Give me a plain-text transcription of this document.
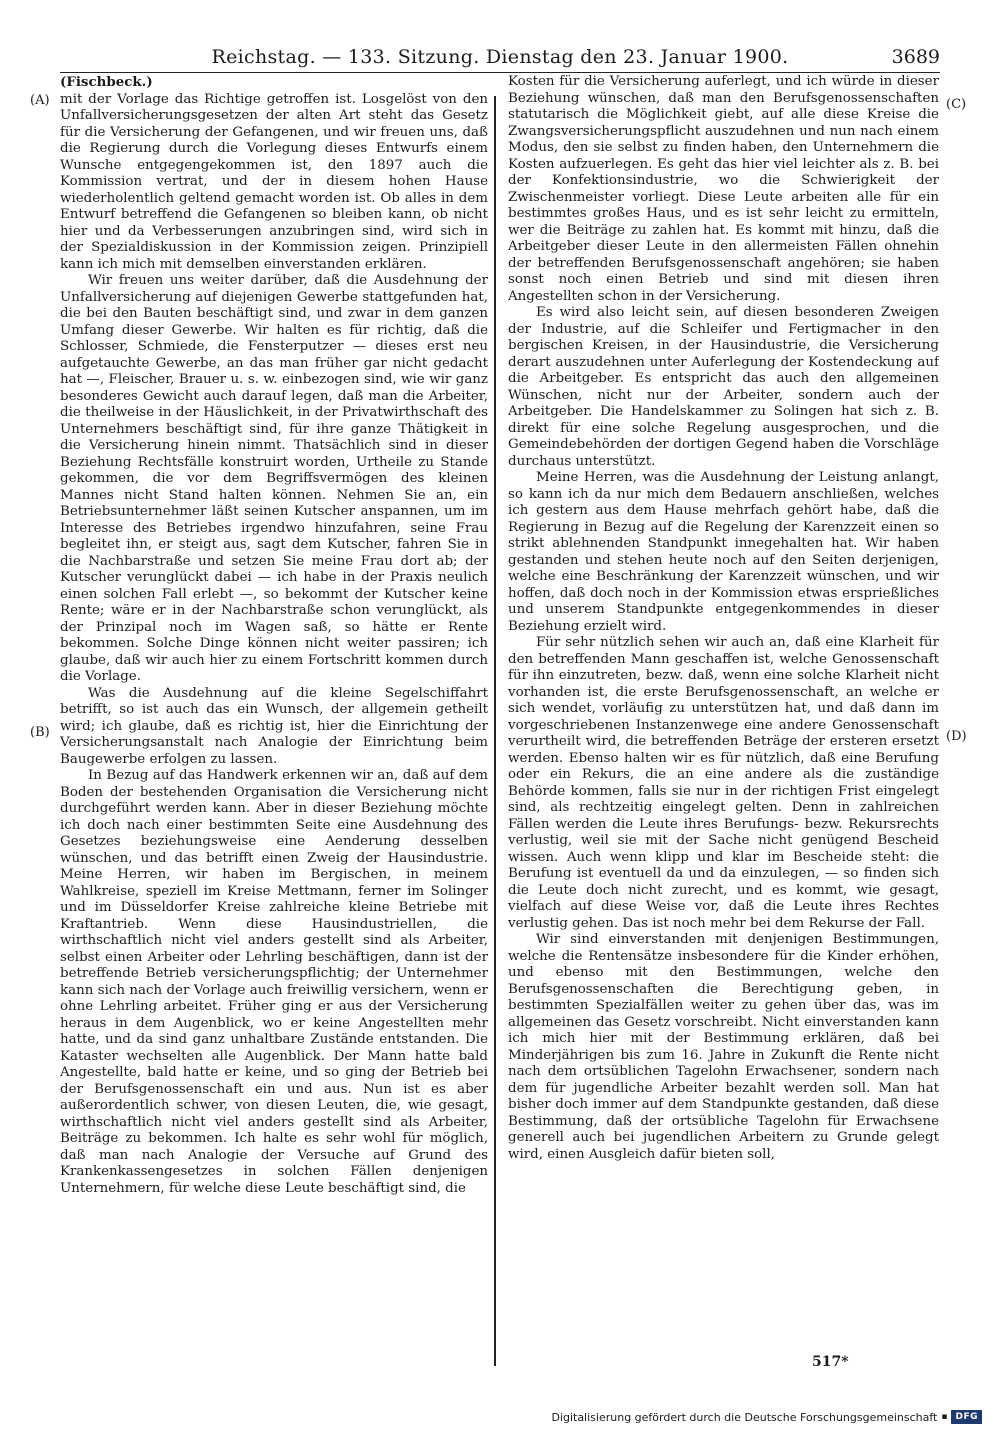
Reichstag. — 133. Sitzung. Dienstag den 23. Januar 1900.	3689
(A)
(B)
(C)
(D)
(Fischbeck.)

mit der Vorlage das Richtige getroffen ist. Losgelöst von den Unfallversicherungsgesetzen der alten Art steht das Gesetz für die Versicherung der Gefangenen, und wir freuen uns, daß die Regierung durch die Vorlegung dieses Entwurfs einem Wunsche entgegengekommen ist, den 1897 auch die Kommission vertrat, und der in diesem hohen Hause wiederholentlich geltend gemacht worden ist. Ob alles in dem Entwurf betreffend die Gefangenen so bleiben kann, ob nicht hier und da Verbesserungen anzubringen sind, wird sich in der Spezialdiskussion in der Kommission zeigen. Prinzipiell kann ich mich mit demselben einverstanden erklären.

Wir freuen uns weiter darüber, daß die Ausdehnung der Unfallversicherung auf diejenigen Gewerbe stattgefunden hat, die bei den Bauten beschäftigt sind, und zwar in dem ganzen Umfang dieser Gewerbe. Wir halten es für richtig, daß die Schlosser, Schmiede, die Fensterputzer — dieses erst neu aufgetauchte Gewerbe, an das man früher gar nicht gedacht hat —, Fleischer, Brauer u. s. w. einbezogen sind, wie wir ganz besonderes Gewicht auch darauf legen, daß man die Arbeiter, die theilweise in der Häuslichkeit, in der Privatwirthschaft des Unternehmers beschäftigt sind, für ihre ganze Thätigkeit in die Versicherung hinein nimmt. Thatsächlich sind in dieser Beziehung Rechtsfälle konstruirt worden, Urtheile zu Stande gekommen, die vor dem Begriffsvermögen des kleinen Mannes nicht Stand halten können. Nehmen Sie an, ein Betriebsunternehmer läßt seinen Kutscher anspannen, um im Interesse des Betriebes irgendwo hinzufahren, seine Frau begleitet ihn, er steigt aus, sagt dem Kutscher, fahren Sie in die Nachbarstraße und setzen Sie meine Frau dort ab; der Kutscher verunglückt dabei — ich habe in der Praxis neulich einen solchen Fall erlebt —, so bekommt der Kutscher keine Rente; wäre er in der Nachbarstraße schon verunglückt, als der Prinzipal noch im Wagen saß, so hätte er Rente bekommen. Solche Dinge können nicht weiter passiren; ich glaube, daß wir auch hier zu einem Fortschritt kommen durch die Vorlage.

Was die Ausdehnung auf die kleine Segelschiffahrt betrifft, so ist auch das ein Wunsch, der allgemein getheilt wird; ich glaube, daß es richtig ist, hier die Einrichtung der Versicherungsanstalt nach Analogie der Einrichtung beim Baugewerbe erfolgen zu lassen.

In Bezug auf das Handwerk erkennen wir an, daß auf dem Boden der bestehenden Organisation die Versicherung nicht durchgeführt werden kann. Aber in dieser Beziehung möchte ich doch nach einer bestimmten Seite eine Ausdehnung des Gesetzes beziehungsweise eine Aenderung desselben wünschen, und das betrifft einen Zweig der Hausindustrie. Meine Herren, wir haben im Bergischen, in meinem Wahlkreise, speziell im Kreise Mettmann, ferner im Solinger und im Düsseldorfer Kreise zahlreiche kleine Betriebe mit Kraftantrieb. Wenn diese Hausindustriellen, die wirthschaftlich nicht viel anders gestellt sind als Arbeiter, selbst einen Arbeiter oder Lehrling beschäftigen, dann ist der betreffende Betrieb versicherungspflichtig; der Unternehmer kann sich nach der Vorlage auch freiwillig versichern, wenn er ohne Lehrling arbeitet. Früher ging er aus der Versicherung heraus in dem Augenblick, wo er keine Angestellten mehr hatte, und da sind ganz unhaltbare Zustände entstanden. Die Kataster wechselten alle Augenblick. Der Mann hatte bald Angestellte, bald hatte er keine, und so ging der Betrieb bei der Berufsgenossenschaft ein und aus. Nun ist es aber außerordentlich schwer, von diesen Leuten, die, wie gesagt, wirthschaftlich nicht viel anders gestellt sind als Arbeiter, Beiträge zu bekommen. Ich halte es sehr wohl für möglich, daß man nach Analogie der Versuche auf Grund des Krankenkassengesetzes in solchen Fällen denjenigen Unternehmern, für welche diese Leute beschäftigt sind, die

Kosten für die Versicherung auferlegt, und ich würde in dieser Beziehung wünschen, daß man den Berufsgenossenschaften statutarisch die Möglichkeit giebt, auf alle diese Kreise die Zwangsversicherungspflicht auszudehnen und nun nach einem Modus, den sie selbst zu finden haben, den Unternehmern die Kosten aufzuerlegen. Es geht das hier viel leichter als z. B. bei der Konfektionsindustrie, wo die Schwierigkeit der Zwischenmeister vorliegt. Diese Leute arbeiten alle für ein bestimmtes großes Haus, und es ist sehr leicht zu ermitteln, wer die Beiträge zu zahlen hat. Es kommt mit hinzu, daß die Arbeitgeber dieser Leute in den allermeisten Fällen ohnehin der betreffenden Berufsgenossenschaft angehören; sie haben sonst noch einen Betrieb und sind mit diesen ihren Angestellten schon in der Versicherung.

Es wird also leicht sein, auf diesen besonderen Zweigen der Industrie, auf die Schleifer und Fertigmacher in den bergischen Kreisen, in der Hausindustrie, die Versicherung derart auszudehnen unter Auferlegung der Kostendeckung auf die Arbeitgeber. Es entspricht das auch den allgemeinen Wünschen, nicht nur der Arbeiter, sondern auch der Arbeitgeber. Die Handelskammer zu Solingen hat sich z. B. direkt für eine solche Regelung ausgesprochen, und die Gemeindebehörden der dortigen Gegend haben die Vorschläge durchaus unterstützt.

Meine Herren, was die Ausdehnung der Leistung anlangt, so kann ich da nur mich dem Bedauern anschließen, welches ich gestern aus dem Hause mehrfach gehört habe, daß die Regierung in Bezug auf die Regelung der Karenzzeit einen so strikt ablehnenden Standpunkt innegehalten hat. Wir haben gestanden und stehen heute noch auf den Seiten derjenigen, welche eine Beschränkung der Karenzzeit wünschen, und wir hoffen, daß doch noch in der Kommission etwas ersprießliches und unserem Standpunkte entgegenkommendes in dieser Beziehung erzielt wird.

Für sehr nützlich sehen wir auch an, daß eine Klarheit für den betreffenden Mann geschaffen ist, welche Genossenschaft für ihn einzutreten, bezw. daß, wenn eine solche Klarheit nicht vorhanden ist, die erste Berufsgenossenschaft, an welche er sich wendet, vorläufig zu unterstützen hat, und daß dann im vorgeschriebenen Instanzenwege eine andere Genossenschaft verurtheilt wird, die betreffenden Beträge der ersteren ersetzt werden. Ebenso halten wir es für nützlich, daß eine Berufung oder ein Rekurs, die an eine andere als die zuständige Behörde kommen, falls sie nur in der richtigen Frist eingelegt sind, als rechtzeitig eingelegt gelten. Denn in zahlreichen Fällen werden die Leute ihres Berufungs- bezw. Rekursrechts verlustig, weil sie mit der Sache nicht genügend Bescheid wissen. Auch wenn klipp und klar im Bescheide steht: die Berufung ist eventuell da und da einzulegen, — so finden sich die Leute doch nicht zurecht, und es kommt, wie gesagt, vielfach auf diese Weise vor, daß die Leute ihres Rechtes verlustig gehen. Das ist noch mehr bei dem Rekurse der Fall.

Wir sind einverstanden mit denjenigen Bestimmungen, welche die Rentensätze insbesondere für die Kinder erhöhen, und ebenso mit den Bestimmungen, welche den Berufsgenossenschaften die Berechtigung geben, in bestimmten Spezialfällen weiter zu gehen über das, was im allgemeinen das Gesetz vorschreibt. Nicht einverstanden kann ich mich hier mit der Bestimmung erklären, daß bei Minderjährigen bis zum 16. Jahre in Zukunft die Rente nicht nach dem ortsüblichen Tagelohn Erwachsener, sondern nach dem für jugendliche Arbeiter bezahlt werden soll. Man hat bisher doch immer auf dem Standpunkte gestanden, daß diese Bestimmung, daß der ortsübliche Tagelohn für Erwachsene generell auch bei jugendlichen Arbeitern zu Grunde gelegt wird, einen Ausgleich dafür bieten soll,

517*
Digitalisierung gefördert durch die Deutsche Forschungsgemeinschaft ▪ DFG
